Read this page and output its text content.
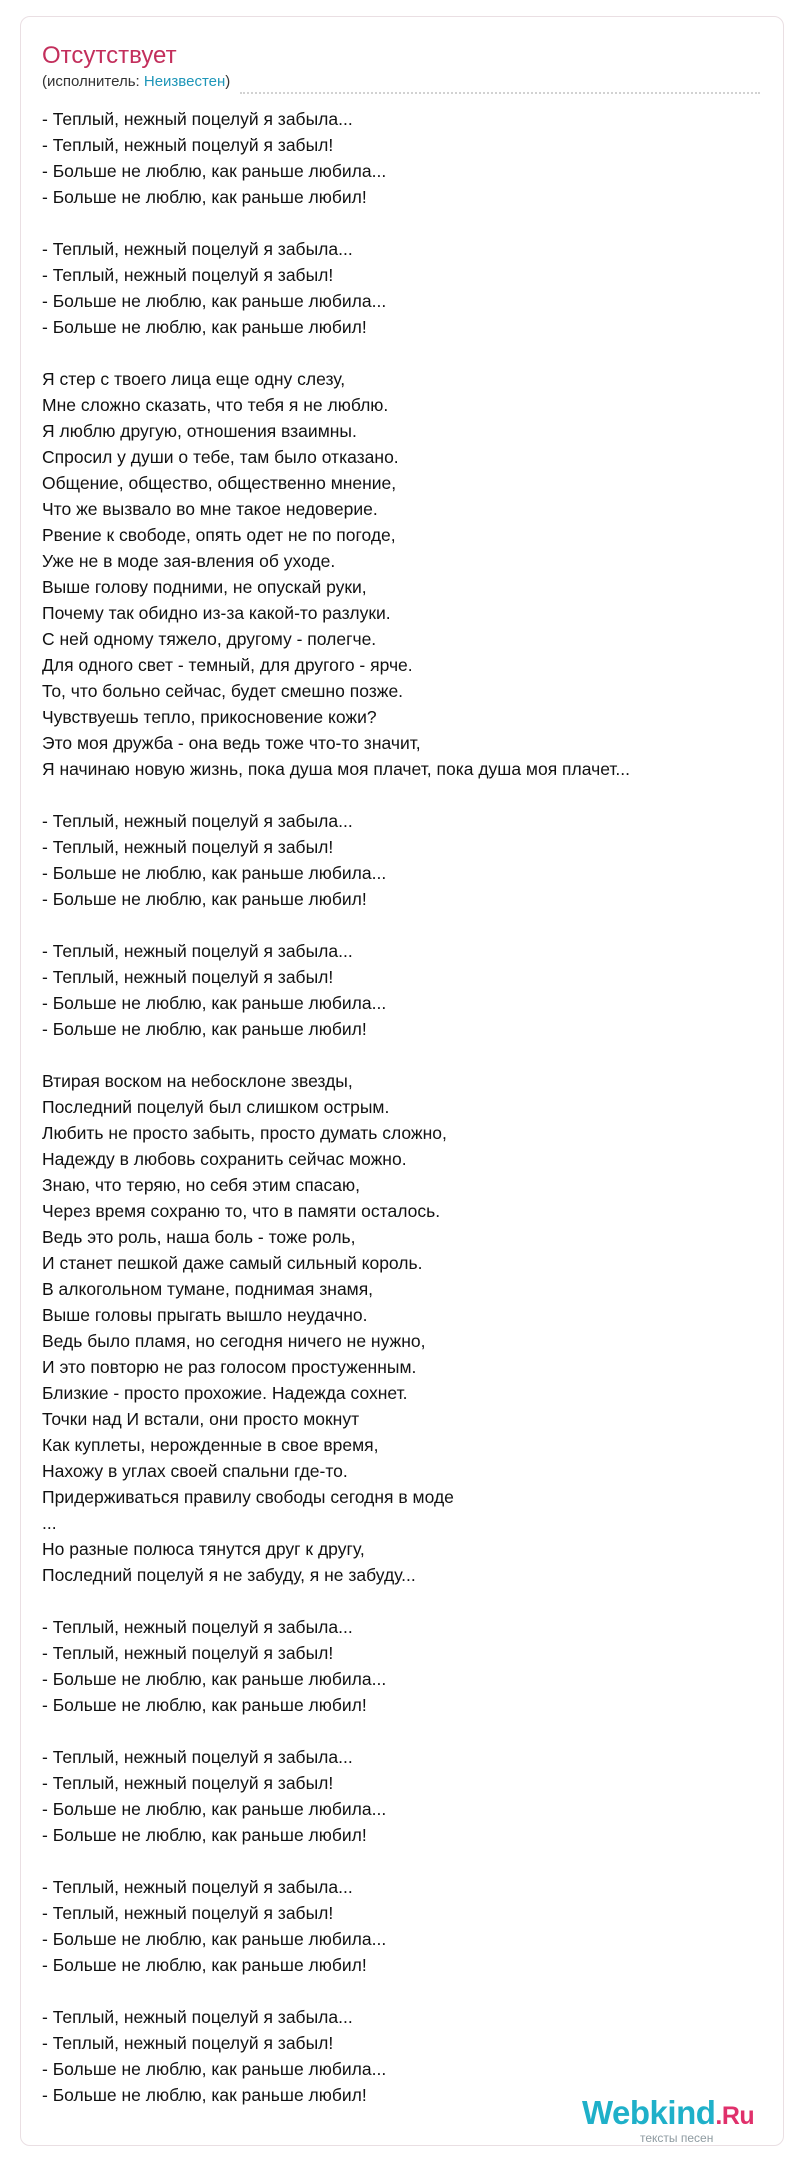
Отсутствует
(исполнитель: Неизвестен)
- Теплый, нежный поцелуй я забыла...
- Теплый, нежный поцелуй я забыл!
- Больше не люблю, как раньше любила...
- Больше не люблю, как раньше любил!
- Теплый, нежный поцелуй я забыла...
- Теплый, нежный поцелуй я забыл!
- Больше не люблю, как раньше любила...
- Больше не люблю, как раньше любил!
Я стер с твоего лица еще одну слезу,
Мне сложно сказать, что тебя я не люблю.
Я люблю другую, отношения взаимны.
Спросил у души о тебе, там было отказано.
Общение, общество, общественно мнение,
Что же вызвало во мне такое недоверие.
Рвение к свободе, опять одет не по погоде,
Уже не в моде зая-вления об уходе.
Выше голову подними, не опускай руки,
Почему так обидно из-за какой-то разлуки.
С ней одному тяжело, другому - полегче.
Для одного свет - темный, для другого - ярче.
То, что больно сейчас, будет смешно позже.
Чувствуешь тепло, прикосновение кожи?
Это моя дружба - она ведь тоже что-то значит,
Я начинаю новую жизнь, пока душа моя плачет, пока душа моя плачет...
- Теплый, нежный поцелуй я забыла...
- Теплый, нежный поцелуй я забыл!
- Больше не люблю, как раньше любила...
- Больше не люблю, как раньше любил!
- Теплый, нежный поцелуй я забыла...
- Теплый, нежный поцелуй я забыл!
- Больше не люблю, как раньше любила...
- Больше не люблю, как раньше любил!
Втирая воском на небосклоне звезды,
Последний поцелуй был слишком острым.
Любить не просто забыть, просто думать сложно,
Надежду в любовь сохранить сейчас можно.
Знаю, что теряю, но себя этим спасаю,
Через время сохраню то, что в памяти осталось.
Ведь это роль, наша боль - тоже роль,
И станет пешкой даже самый сильный король.
В алкогольном тумане, поднимая знамя,
Выше головы прыгать вышло неудачно.
Ведь было пламя, но сегодня ничего не нужно,
И это повторю не раз голосом простуженным.
Близкие - просто прохожие. Надежда сохнет.
Точки над И встали, они просто мокнут
Как куплеты, нерожденные в свое время,
Нахожу в углах своей спальни где-то.
Придерживаться правилу свободы сегодня в моде
...
Но разные полюса тянутся друг к другу,
Последний поцелуй я не забуду, я не забуду...
- Теплый, нежный поцелуй я забыла...
- Теплый, нежный поцелуй я забыл!
- Больше не люблю, как раньше любила...
- Больше не люблю, как раньше любил!
- Теплый, нежный поцелуй я забыла...
- Теплый, нежный поцелуй я забыл!
- Больше не люблю, как раньше любила...
- Больше не люблю, как раньше любил!
- Теплый, нежный поцелуй я забыла...
- Теплый, нежный поцелуй я забыл!
- Больше не люблю, как раньше любила...
- Больше не люблю, как раньше любил!
- Теплый, нежный поцелуй я забыла...
- Теплый, нежный поцелуй я забыл!
- Больше не люблю, как раньше любила...
- Больше не люблю, как раньше любил!	Webkind.Ru
тексты песен
